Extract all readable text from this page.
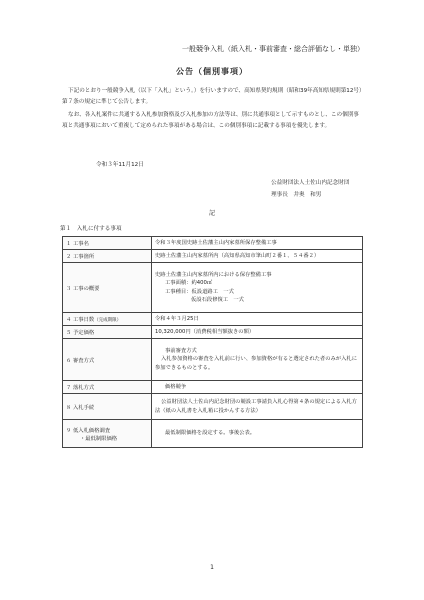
一般競争入札（紙入札・事前審査・総合評価なし・単独）
公告（個別事項）
下記のとおり一般競争入札（以下「入札」という。）を行いますので、高知県契約規則（昭和39年高知県規則第12号）第７条の規定に準じて公告します。
なお、各入札案件に共通する入札参加資格及び入札参加の方法等は、別に共通事項として示すものとし、この個別事項と共通事項において重複して定められた事項がある場合は、この個別事項に記載する事項を優先します。
令和３年11月12日
公益財団法人土佐山内記念財団
理事長　井奥　和男
記
第１　入札に付する事項
１ 工事名	令和３年度国史跡土佐藩主山内家墓所保存整備工事

２ 工事箇所	史跡土佐藩主山内家墓所内（高知県高知市筆山町２番１、５４番２）

３ 工事の概要	史跡土佐藩主山内家墓所内における保存整備工事
工事面積：約400㎡
工事種目：仮設道路工　一式
仮設石段修復工　一式

４ 工事日数（完成期限）	令和４年３月25日

５ 予定価格	10,320,000円（消費税相当額抜きの額）

６ 審査方式	事前審査方式
入札参加資格の審査を入札前に行い、参加資格が有ると選定された者のみが入札に参加できるものとする。

７ 落札方式	価格競争

８ 入札手続	公益財団法人土佐山内記念財団の競設工事請負入札心得第４条の規定による入札方法（紙の入札書を入札箱に投かんする方法）

９ 低入札価格調査
・最低制限価格	最低制限価格を設定する。事後公表。
1
